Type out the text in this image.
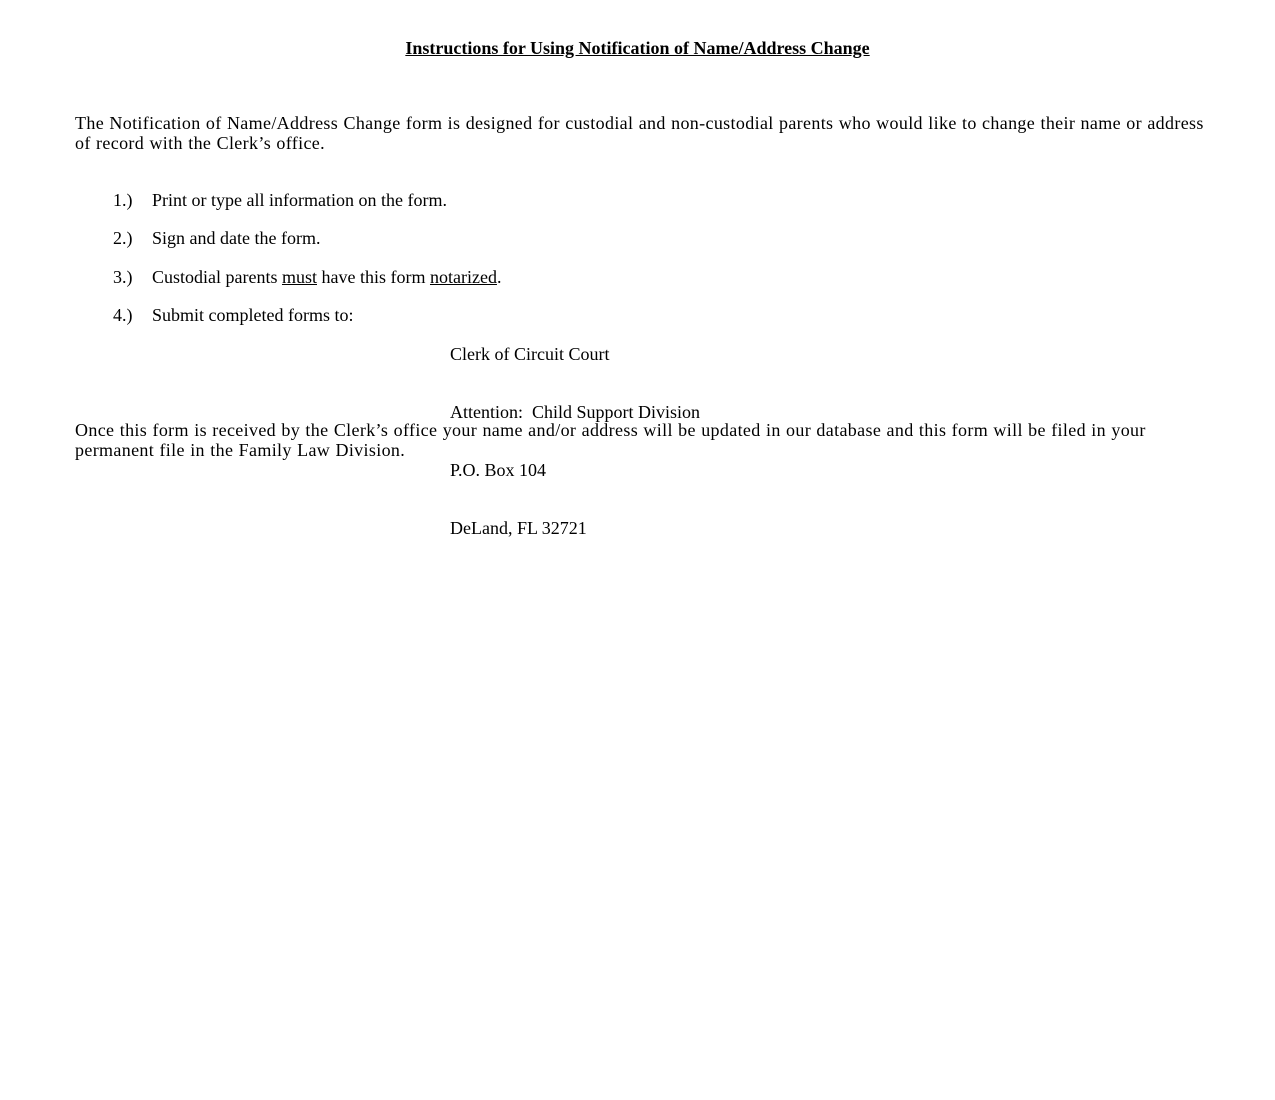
Instructions for Using Notification of Name/Address Change
The Notification of Name/Address Change form is designed for custodial and non-custodial parents who would like to change their name or address of record with the Clerk’s office.
1.) Print or type all information on the form.
2.) Sign and date the form.
3.) Custodial parents must have this form notarized.
4.) Submit completed forms to:

Clerk of Circuit Court

Attention:  Child Support Division

P.O. Box 104

DeLand, FL 32721

Once this form is received by the Clerk’s office your name and/or address will be updated in our database and this form will be filed in your permanent file in the Family Law Division.
